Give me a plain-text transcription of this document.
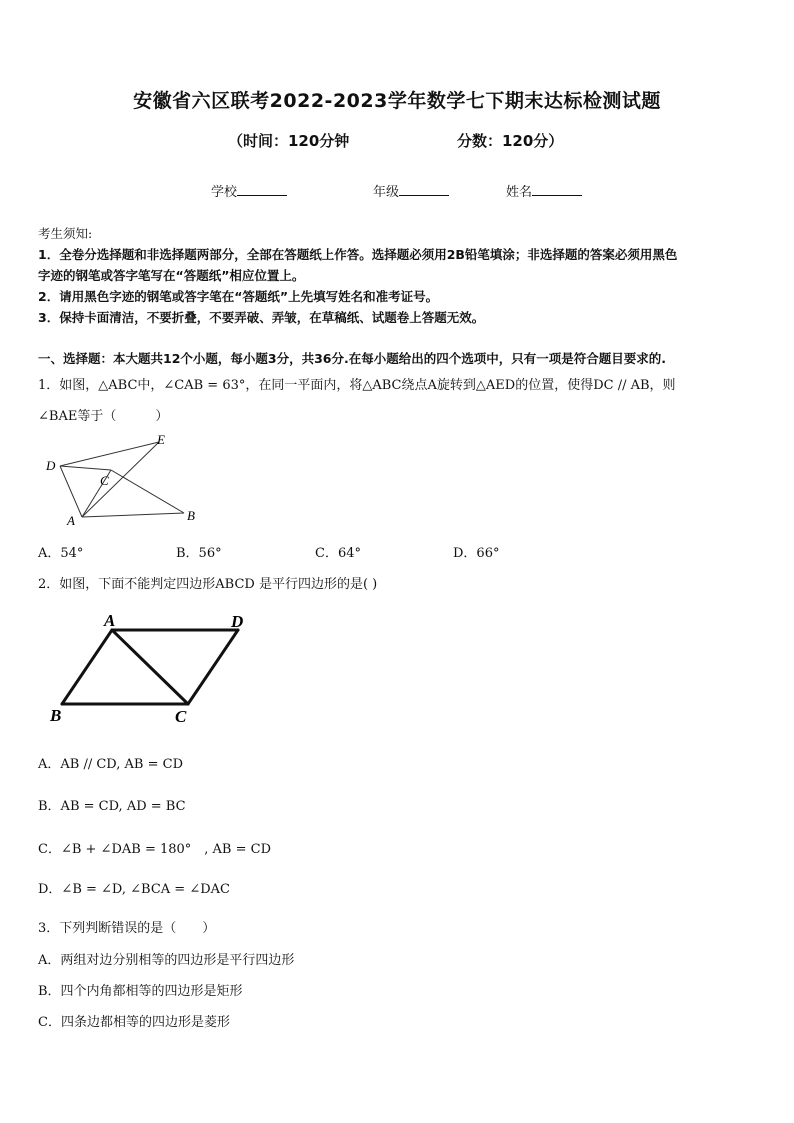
安徽省六区联考2022-2023学年数学七下期末达标检测试题
（时间：120分钟	分数：120分）
学校	年级	姓名
考生须知:
1．全卷分选择题和非选择题两部分，全部在答题纸上作答。选择题必须用2B铅笔填涂；非选择题的答案必须用黑色
字迹的钢笔或答字笔写在“答题纸”相应位置上。
2．请用黑色字迹的钢笔或答字笔在“答题纸”上先填写姓名和准考证号。
3．保持卡面清洁，不要折叠，不要弄破、弄皱，在草稿纸、试题卷上答题无效。
一、选择题：本大题共12个小题，每小题3分，共36分.在每小题给出的四个选项中，只有一项是符合题目要求的.
1．如图，△ABC中，∠CAB = 63°，在同一平面内，将△ABC绕点A旋转到△AED的位置，使得DC // AB，则
∠BAE等于（　　　）
D
E
C
A	B
A．54°	B．56°	C．64°	D．66°
2．如图，下面不能判定四边形ABCD 是平行四边形的是( )
A	D
B	C
A．AB // CD, AB = CD
B．AB = CD, AD = BC
C．∠B + ∠DAB = 180°　, AB = CD
D．∠B = ∠D, ∠BCA = ∠DAC
3．下列判断错误的是（　　）
A．两组对边分别相等的四边形是平行四边形
B．四个内角都相等的四边形是矩形
C．四条边都相等的四边形是菱形
